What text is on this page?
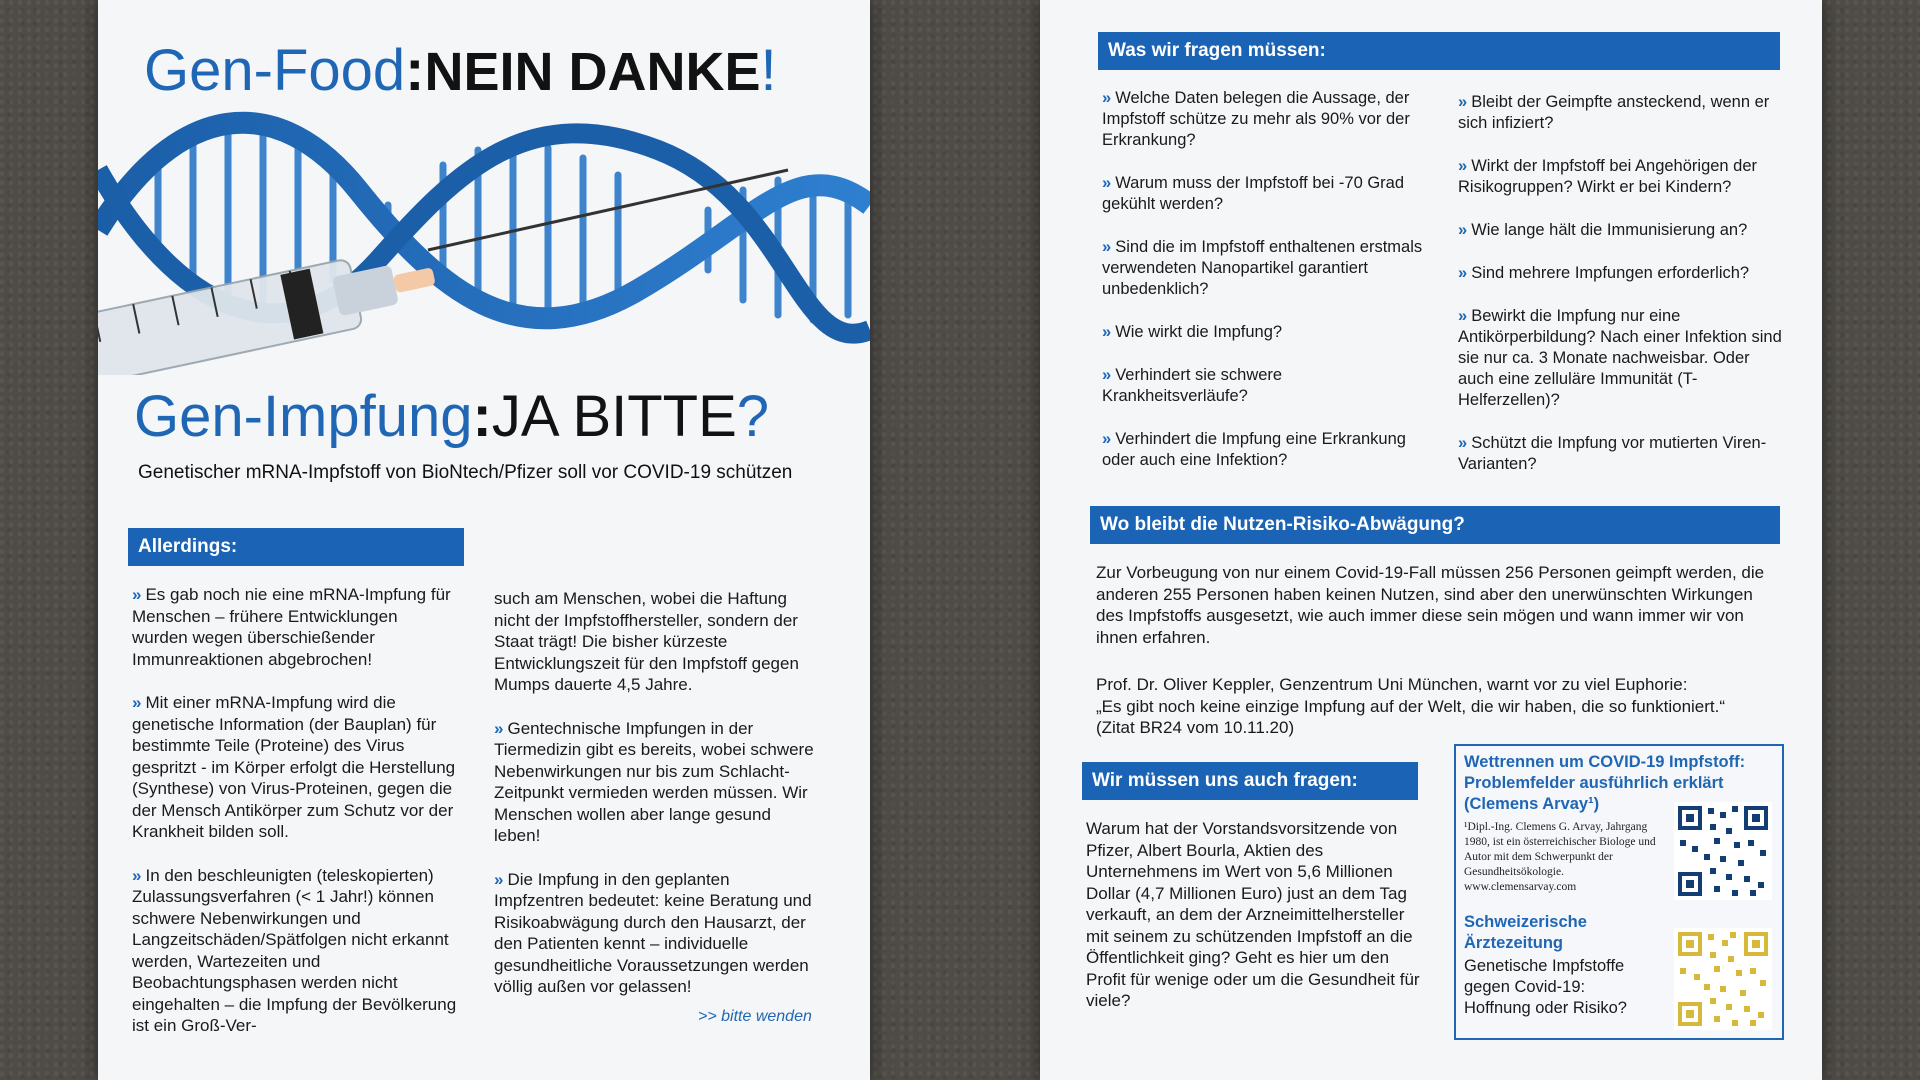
Gen-Food:NEIN DANKE!
Gen-Impfung:JA BITTE?
Genetischer mRNA-Impfstoff von BioNtech/Pfizer soll vor COVID-19 schützen
Allerdings:

» Es gab noch nie eine mRNA-Impfung für Menschen – frühere Entwicklungen wurden wegen überschießender Immunreaktionen abgebrochen!

» Mit einer mRNA-Impfung wird die genetische Information (der Bauplan) für bestimmte Teile (Proteine) des Virus gespritzt - im Körper erfolgt die Herstellung (Synthese) von Virus-Proteinen, gegen die der Mensch Antikörper zum Schutz vor der Krankheit bilden soll.

» In den beschleunigten (teleskopierten) Zulassungsverfahren (< 1 Jahr!) können schwere Nebenwirkungen und Langzeitschäden/Spätfolgen nicht erkannt werden, Wartezeiten und Beobachtungsphasen werden nicht eingehalten – die Impfung der Bevölkerung ist ein Groß-Ver-

such am Menschen, wobei die Haftung nicht der Impfstoffhersteller, sondern der Staat trägt! Die bisher kürzeste Entwicklungszeit für den Impfstoff gegen Mumps dauerte 4,5 Jahre.

» Gentechnische Impfungen in der Tiermedizin gibt es bereits, wobei schwere Nebenwirkungen nur bis zum Schlacht-Zeitpunkt vermieden werden müssen. Wir Menschen wollen aber lange gesund leben!

» Die Impfung in den geplanten Impfzentren bedeutet: keine Beratung und Risikoabwägung durch den Hausarzt, der den Patienten kennt – individuelle gesundheitliche Voraussetzungen werden völlig außen vor gelassen!

>> bitte wenden
Was wir fragen müssen:

» Welche Daten belegen die Aussage, der Impfstoff schütze zu mehr als 90% vor der Erkrankung?

» Warum muss der Impfstoff bei -70 Grad gekühlt werden?

» Sind die im Impfstoff enthaltenen erstmals verwendeten Nanopartikel garantiert unbedenklich?

» Wie wirkt die Impfung?

» Verhindert sie schwere Krankheitsverläufe?

» Verhindert die Impfung eine Erkrankung oder auch eine Infektion?

» Bleibt der Geimpfte ansteckend, wenn er sich infiziert?

» Wirkt der Impfstoff bei Angehörigen der Risikogruppen? Wirkt er bei Kindern?

» Wie lange hält die Immunisierung an?

» Sind mehrere Impfungen erforderlich?

» Bewirkt die Impfung nur eine Antikörperbildung? Nach einer Infektion sind sie nur ca. 3 Monate nachweisbar. Oder auch eine zelluläre Immunität (T-Helferzellen)?

» Schützt die Impfung vor mutierten Viren-Varianten?

Wo bleibt die Nutzen-Risiko-Abwägung?
Zur Vorbeugung von nur einem Covid-19-Fall müssen 256 Personen geimpft werden, die anderen 255 Personen haben keinen Nutzen, sind aber den unerwünschten Wirkungen des Impfstoffs ausgesetzt, wie auch immer diese sein mögen und wann immer wir von ihnen erfahren.
Prof. Dr. Oliver Keppler, Genzentrum Uni München, warnt vor zu viel Euphorie:
„Es gibt noch keine einzige Impfung auf der Welt, die wir haben, die so funktioniert.“
(Zitat BR24 vom 10.11.20)
Wir müssen uns auch fragen:
Warum hat der Vorstandsvorsitzende von Pfizer, Albert Bourla, Aktien des Unternehmens im Wert von 5,6 Millionen Dollar (4,7 Millionen Euro) just an dem Tag verkauft, an dem der Arzneimittelhersteller mit seinem zu schützenden Impfstoff an die Öffentlichkeit ging? Geht es hier um den Profit für wenige oder um die Gesundheit für viele?
Wettrennen um COVID-19 Impfstoff: Problemfelder ausführlich erklärt (Clemens Arvay¹)
¹Dipl.-Ing. Clemens G. Arvay, Jahrgang 1980, ist ein österreichischer Biologe und Autor mit dem Schwerpunkt der Gesundheitsökologie. www.clemensarvay.com
Schweizerische Ärztezeitung
Genetische Impfstoffe gegen Covid-19: Hoffnung oder Risiko?
